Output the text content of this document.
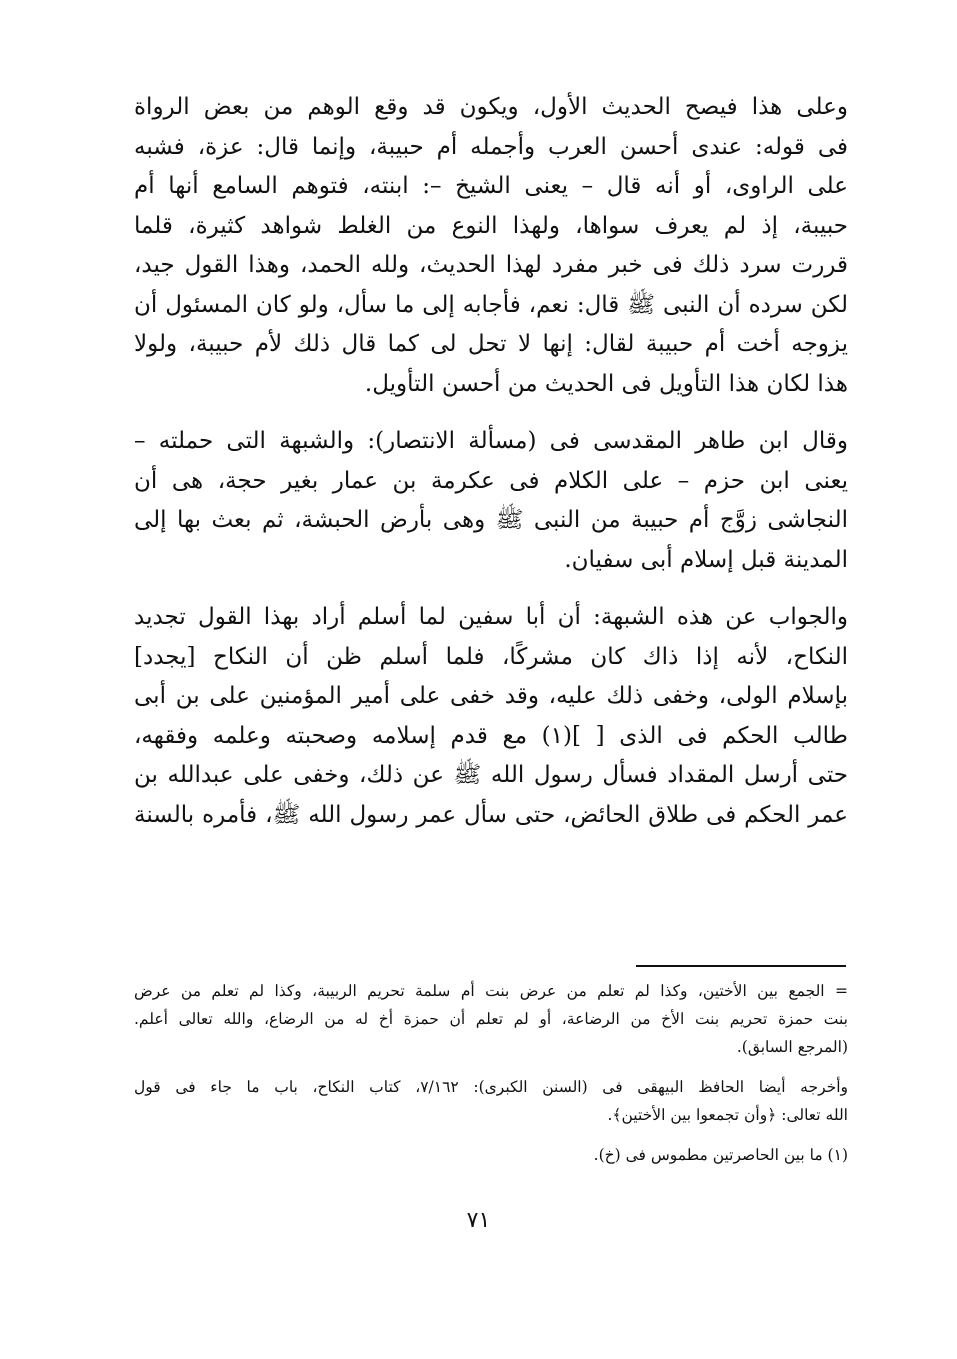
وعلى هذا فيصح الحديث الأول، ويكون قد وقع الوهم من بعض الرواة
فى قوله: عندى أحسن العرب وأجمله أم حبيبة، وإنما قال: عزة، فشبه
على الراوى، أو أنه قال – يعنى الشيخ –: ابنته، فتوهم السامع أنها أم
حبيبة، إذ لم يعرف سواها، ولهذا النوع من الغلط شواهد كثيرة، قلما
قررت سرد ذلك فى خبر مفرد لهذا الحديث، ولله الحمد، وهذا القول جيد،
لكن سرده أن النبى ﷺ قال: نعم، فأجابه إلى ما سأل، ولو كان المسئول أن
يزوجه أخت أم حبيبة لقال: إنها لا تحل لى كما قال ذلك لأم حبيبة، ولولا
هذا لكان هذا التأويل فى الحديث من أحسن التأويل.
وقال ابن طاهر المقدسى فى (مسألة الانتصار): والشبهة التى حملته –
يعنى ابن حزم – على الكلام فى عكرمة بن عمار بغير حجة، هى أن
النجاشى زوَّج أم حبيبة من النبى ﷺ وهى بأرض الحبشة، ثم بعث بها إلى
المدينة قبل إسلام أبى سفيان.
والجواب عن هذه الشبهة: أن أبا سفين لما أسلم أراد بهذا القول تجديد
النكاح، لأنه إذا ذاك كان مشركًا، فلما أسلم ظن أن النكاح [يجدد]
بإسلام الولى، وخفى ذلك عليه، وقد خفى على أمير المؤمنين على بن أبى
طالب الحكم فى الذى [ ](١) مع قدم إسلامه وصحبته وعلمه وفقهه،
حتى أرسل المقداد فسأل رسول الله ﷺ عن ذلك، وخفى على عبدالله بن
عمر الحكم فى طلاق الحائض، حتى سأل عمر رسول الله ﷺ، فأمره بالسنة
= الجمع بين الأختين، وكذا لم تعلم من عرض بنت أم سلمة تحريم الربيبة، وكذا لم تعلم من عرض
بنت حمزة تحريم بنت الأخ من الرضاعة، أو لم تعلم أن حمزة أخ له من الرضاع، والله تعالى أعلم.
(المرجع السابق).
وأخرجه أيضا الحافظ البيهقى فى (السنن الكبرى): ٧/١٦٢، كتاب النكاح، باب ما جاء فى قول
الله تعالى: ﴿وأن تجمعوا بين الأختين﴾.
(١) ما بين الحاصرتين مطموس فى (خ).
٧١
